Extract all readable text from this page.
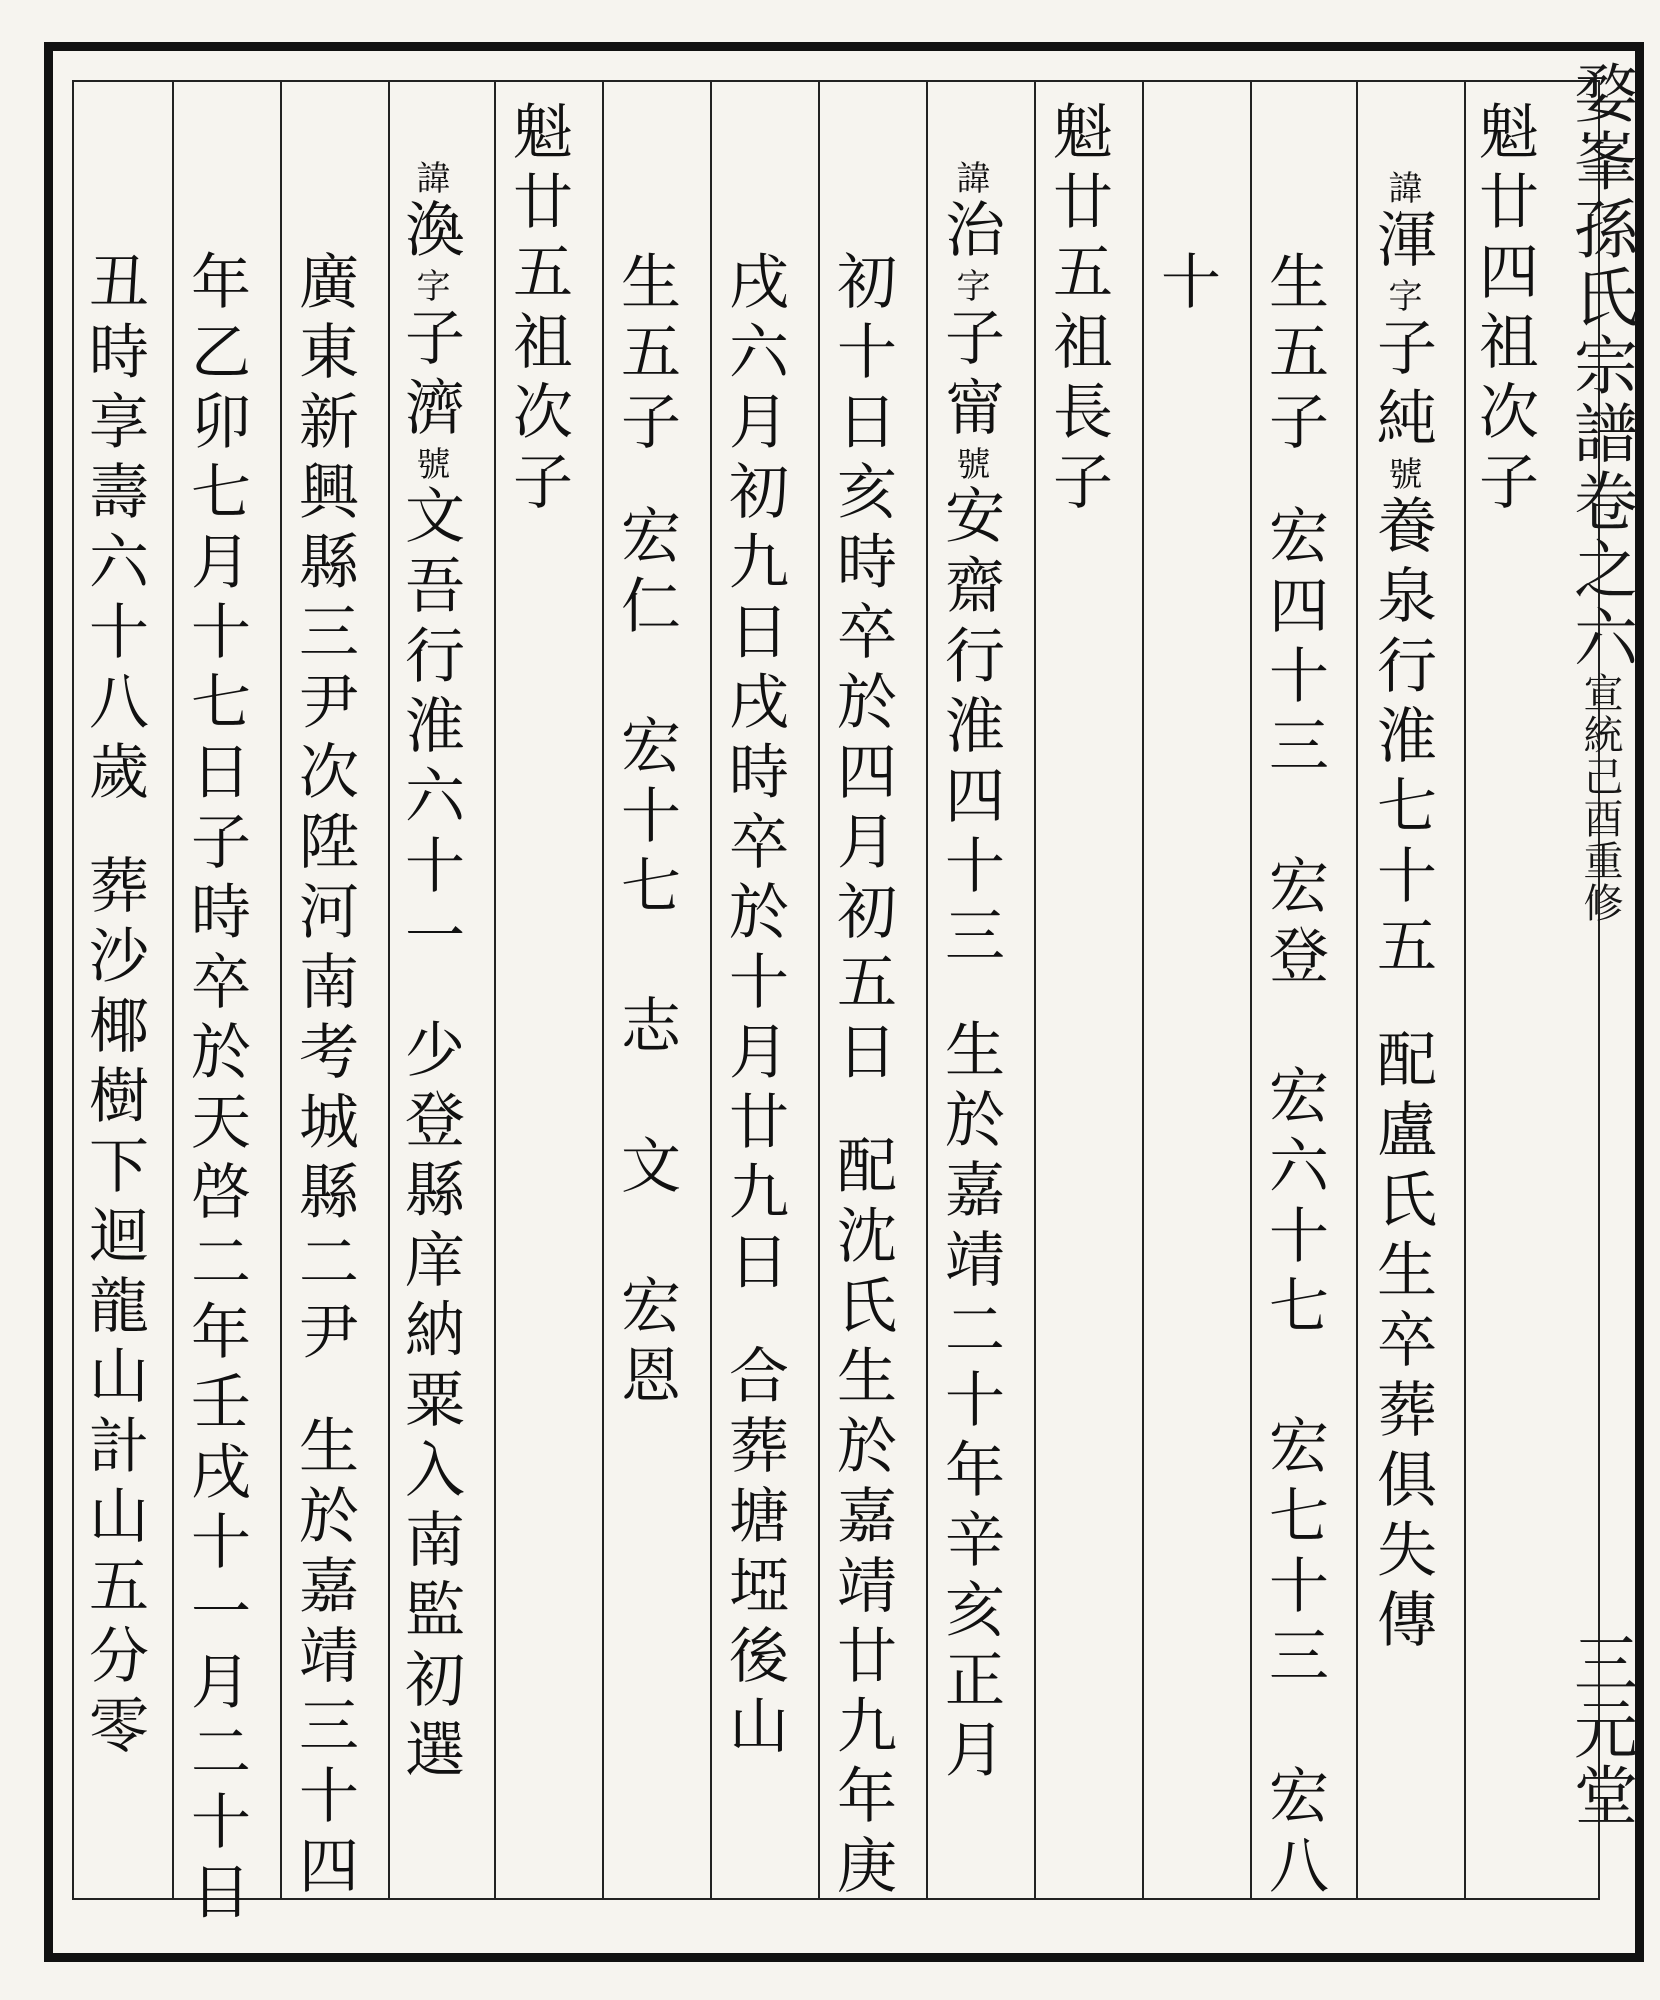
婺峯孫氏宗譜卷之六宣統己酉重修
三元堂
魁廿四祖次子
諱渾字子純號養泉行淮七十五配盧氏生卒葬俱失傳
生五子宏四十三　宏登　宏六十七　宏七十三　宏八
十
魁廿五祖長子
諱治字子甯號安齋行淮四十三生於嘉靖二十年辛亥正月
初十日亥時卒於四月初五日配沈氏生於嘉靖廿九年庚
戌六月初九日戌時卒於十月廿九日合葬塘埡後山
生五子宏仁　宏十七　志　文　宏恩
魁廿五祖次子
諱渙字子濟號文吾行淮六十一少登縣庠納粟入南監初選
廣東新興縣三尹次陞河南考城縣二尹生於嘉靖三十四
年乙卯七月十七日子時卒於天啓二年壬戌十一月二十日
丑時享壽六十八歲葬沙椰樹下迴龍山計山五分零
